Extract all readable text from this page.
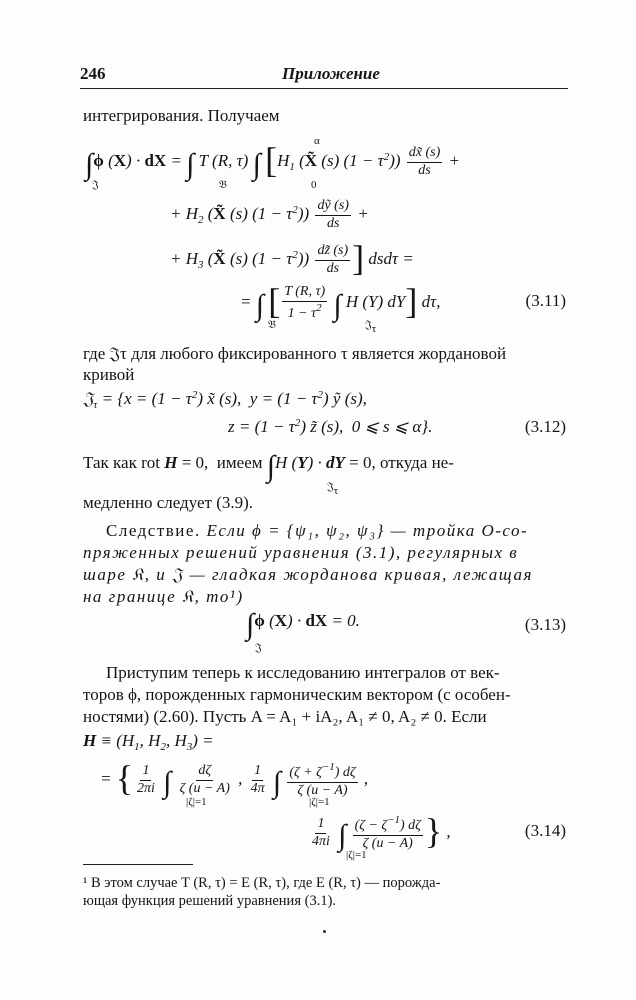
246	Приложение
интегрирования. Получаем
∫ϕ (X) · dX = ∫ T (R, τ) ∫ [$H_1$ (X̃ (s) $(1 - \tau^2)) \frac{dx̃ (s)}{ds}$ +
𝔍	𝔅	0
α
+ $H_2$ (X̃ (s) $(1 - \tau^2)) \frac{\text{dỹ (s)}}{ds}$ +
+ $H_3$ (X̃ (s) $(1 - \tau^2)) \frac{dz̃ (s)}{ds}$ ] dsdτ =
= ∫ [ $\frac{T (R, \tau)}{1 - \tau^2}$ ∫ H (Y) dY] dτ,
𝔅	𝔍τ
(3.11)
где 𝔍τ для любого фиксированного τ является жордановой
кривой
𝔍$_\tau$ = {$x = (1 - \tau^2)$ x̃ (s),  $y = (1 - \tau^2)$ ỹ (s),
$z = (1 - \tau^2)$ z̃ (s),  0 ⩽ s ⩽ α}.	(3.12)
Так как rot H = 0,  имеем ∫H (Y) · dY = 0, откуда не-
𝔍τ
медленно следует (3.9).
Следствие. Если ϕ = {ψ₁, ψ₂, ψ₃} — тройка О-со-
пряженных решений уравнения (3.1), регулярных в
шаре 𝔎, и 𝔍 — гладкая жорданова кривая, лежащая
на границе 𝔎, то¹)
∫ϕ (X) · dX = 0.
𝔍
(3.13)
Приступим теперь к исследованию интегралов от век-
торов ϕ, порожденных гармоническим вектором (с особен-
ностями) (2.60). Пусть A = A₁ + iA₂, A₁ ≠ 0, A₂ ≠ 0. Если
$H \equiv (H_1$, $H_2$, $H_3$) =
= { $\frac{1}{2\pi i}$ ∫ $\frac{d\zeta}{\zeta (u - A)}$ , $\frac{1}{4\pi}$ ∫ $\frac{(\zeta + \zeta^{-1}) d\zeta}{\zeta (u - A)}$ ,
|ζ|=1	|ζ|=1
$\frac{1}{4\pi i}$ ∫ $\frac{(\zeta - \zeta^{-1}) d\zeta}{\zeta (u - A)}$ } ,
|ζ|=1
(3.14)
¹ В этом случае T (R, τ) = E (R, τ), где E (R, τ) — порожда-
ющая функция решений уравнения (3.1).
